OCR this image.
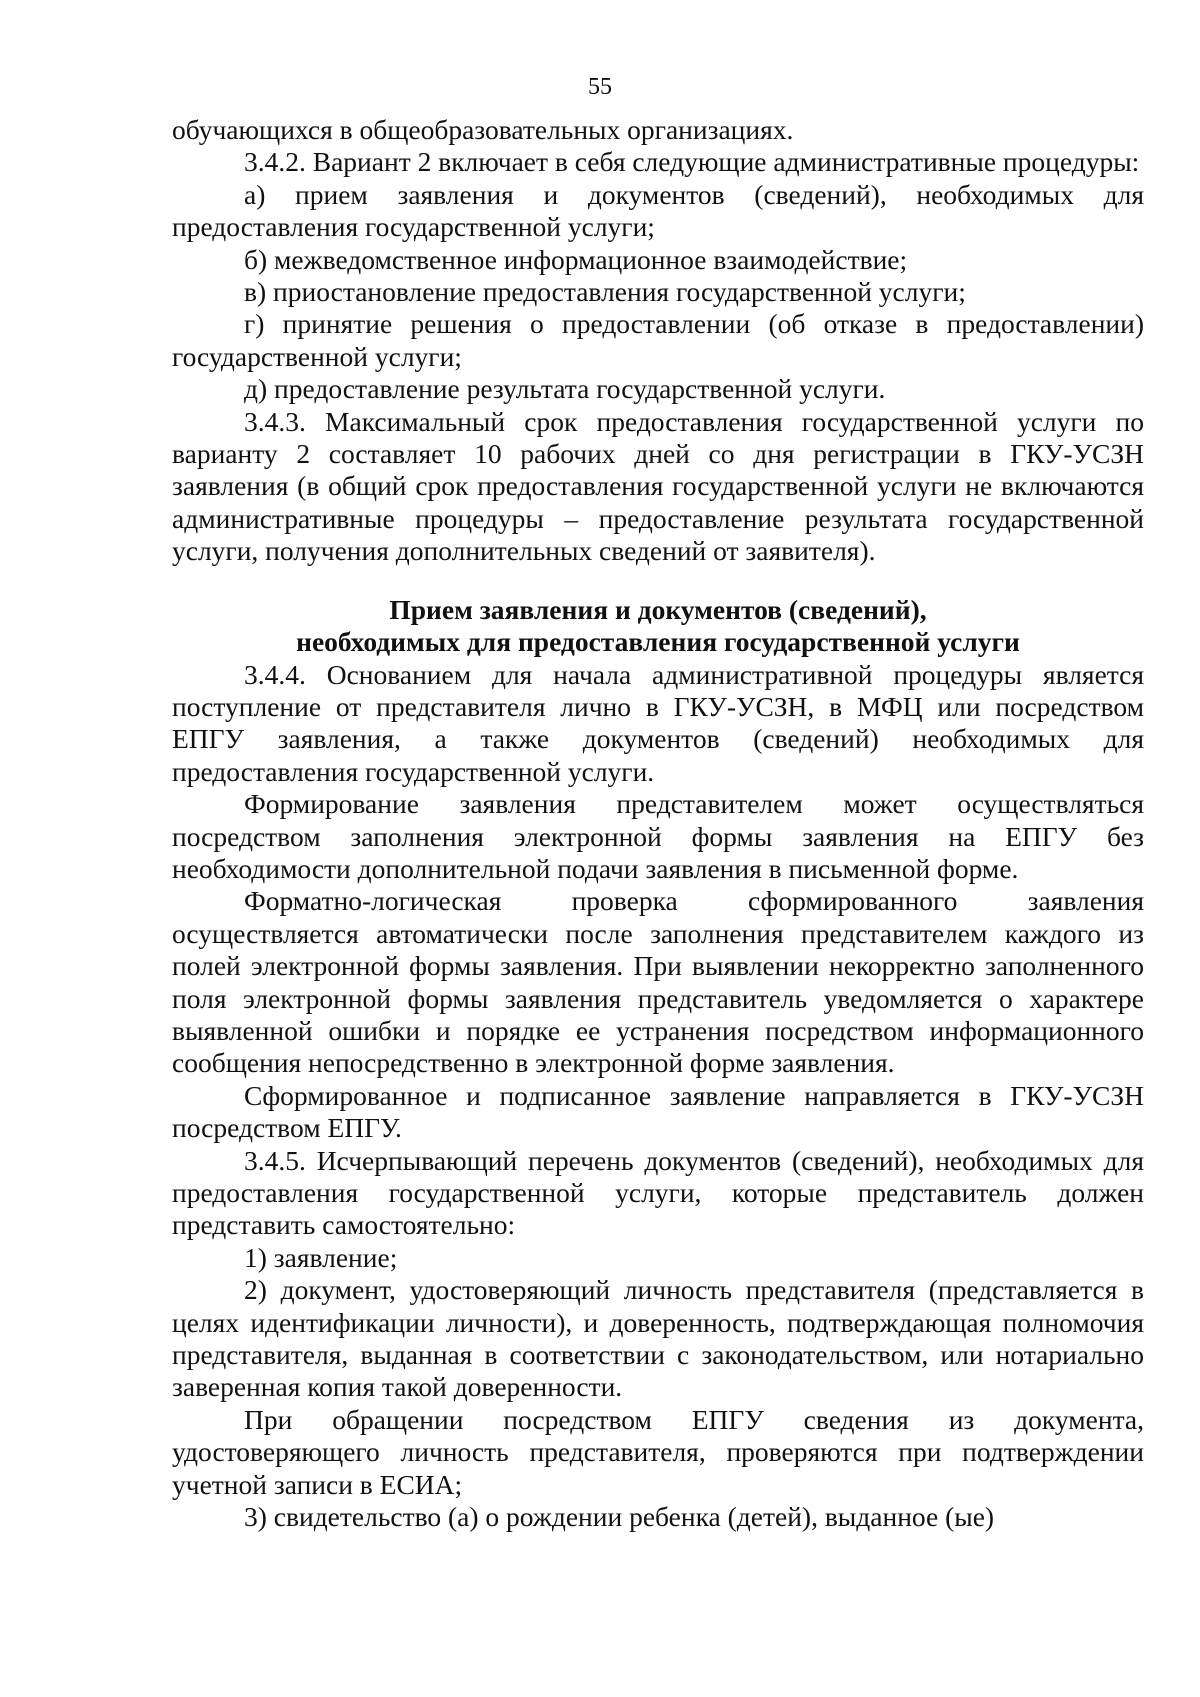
55

обучающихся в общеобразовательных организациях.

3.4.2. Вариант 2 включает в себя следующие административные процедуры:

а) прием заявления и документов (сведений), необходимых для предоставления государственной услуги;

б) межведомственное информационное взаимодействие;

в) приостановление предоставления государственной услуги;

г) принятие решения о предоставлении (об отказе в предоставлении) государственной услуги;

д) предоставление результата государственной услуги.

3.4.3. Максимальный срок предоставления государственной услуги по варианту 2 составляет 10 рабочих дней со дня регистрации в ГКУ-УСЗН заявления (в общий срок предоставления государственной услуги не включаются административные процедуры – предоставление результата государственной услуги, получения дополнительных сведений от заявителя).

Прием заявления и документов (сведений),
необходимых для предоставления государственной услуги

3.4.4. Основанием для начала административной процедуры является поступление от представителя лично в ГКУ-УСЗН, в МФЦ или посредством ЕПГУ заявления, а также документов (сведений) необходимых для предоставления государственной услуги.

Формирование заявления представителем может осуществляться посредством заполнения электронной формы заявления на ЕПГУ без необходимости дополнительной подачи заявления в письменной форме.

Форматно-логическая проверка сформированного заявления осуществляется автоматически после заполнения представителем каждого из полей электронной формы заявления. При выявлении некорректно заполненного поля электронной формы заявления представитель уведомляется о характере выявленной ошибки и порядке ее устранения посредством информационного сообщения непосредственно в электронной форме заявления.

Сформированное и подписанное заявление направляется в ГКУ-УСЗН посредством ЕПГУ.

3.4.5. Исчерпывающий перечень документов (сведений), необходимых для предоставления государственной услуги, которые представитель должен представить самостоятельно:

1) заявление;

2) документ, удостоверяющий личность представителя (представляется в целях идентификации личности), и доверенность, подтверждающая полномочия представителя, выданная в соответствии с законодательством, или нотариально заверенная копия такой доверенности.

При обращении посредством ЕПГУ сведения из документа, удостоверяющего личность представителя, проверяются при подтверждении учетной записи в ЕСИА;

3) свидетельство (а) о рождении ребенка (детей), выданное (ые)
